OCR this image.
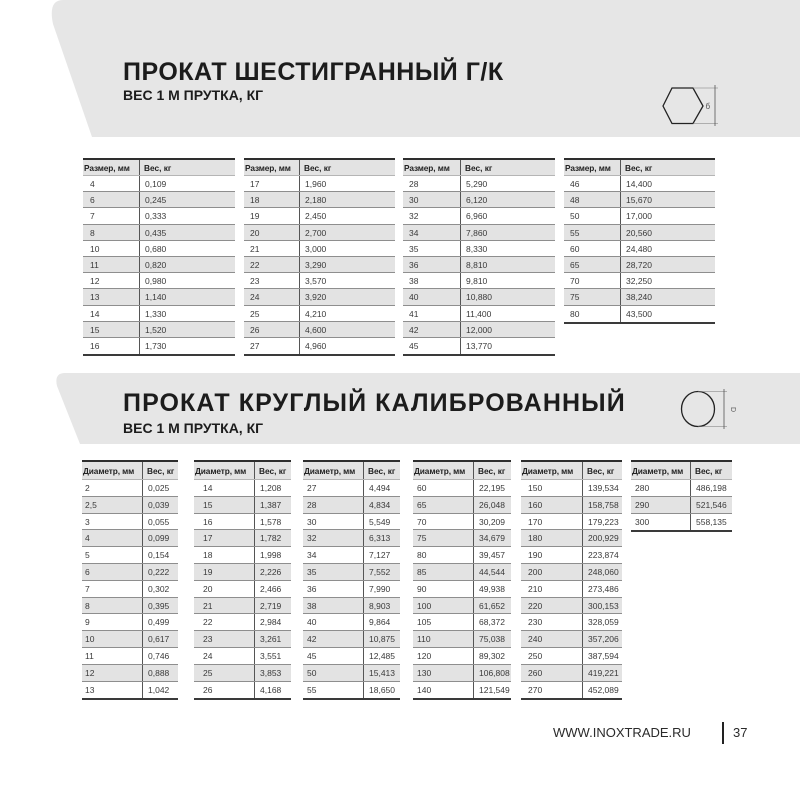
б
D
ПРОКАТ ШЕСТИГРАННЫЙ Г/К
ВЕС 1 М ПРУТКА, КГ
Размер, мм	Вес, кг
4	0,109
6	0,245
7	0,333
8	0,435
10	0,680
11	0,820
12	0,980
13	1,140
14	1,330
15	1,520
16	1,730
Размер, мм	Вес, кг
17	1,960
18	2,180
19	2,450
20	2,700
21	3,000
22	3,290
23	3,570
24	3,920
25	4,210
26	4,600
27	4,960
Размер, мм	Вес, кг
28	5,290
30	6,120
32	6,960
34	7,860
35	8,330
36	8,810
38	9,810
40	10,880
41	11,400
42	12,000
45	13,770
Размер, мм	Вес, кг
46	14,400
48	15,670
50	17,000
55	20,560
60	24,480
65	28,720
70	32,250
75	38,240
80	43,500
ПРОКАТ КРУГЛЫЙ КАЛИБРОВАННЫЙ
ВЕС 1 М ПРУТКА, КГ
Диаметр, мм	Вес, кг
2	0,025
2,5	0,039
3	0,055
4	0,099
5	0,154
6	0,222
7	0,302
8	0,395
9	0,499
10	0,617
11	0,746
12	0,888
13	1,042
Диаметр, мм	Вес, кг
14	1,208
15	1,387
16	1,578
17	1,782
18	1,998
19	2,226
20	2,466
21	2,719
22	2,984
23	3,261
24	3,551
25	3,853
26	4,168
Диаметр, мм	Вес, кг
27	4,494
28	4,834
30	5,549
32	6,313
34	7,127
35	7,552
36	7,990
38	8,903
40	9,864
42	10,875
45	12,485
50	15,413
55	18,650
Диаметр, мм	Вес, кг
60	22,195
65	26,048
70	30,209
75	34,679
80	39,457
85	44,544
90	49,938
100	61,652
105	68,372
110	75,038
120	89,302
130	106,808
140	121,549
Диаметр, мм	Вес, кг
150	139,534
160	158,758
170	179,223
180	200,929
190	223,874
200	248,060
210	273,486
220	300,153
230	328,059
240	357,206
250	387,594
260	419,221
270	452,089
Диаметр, мм	Вес, кг
280	486,198
290	521,546
300	558,135
WWW.INOXTRADE.RU	37
